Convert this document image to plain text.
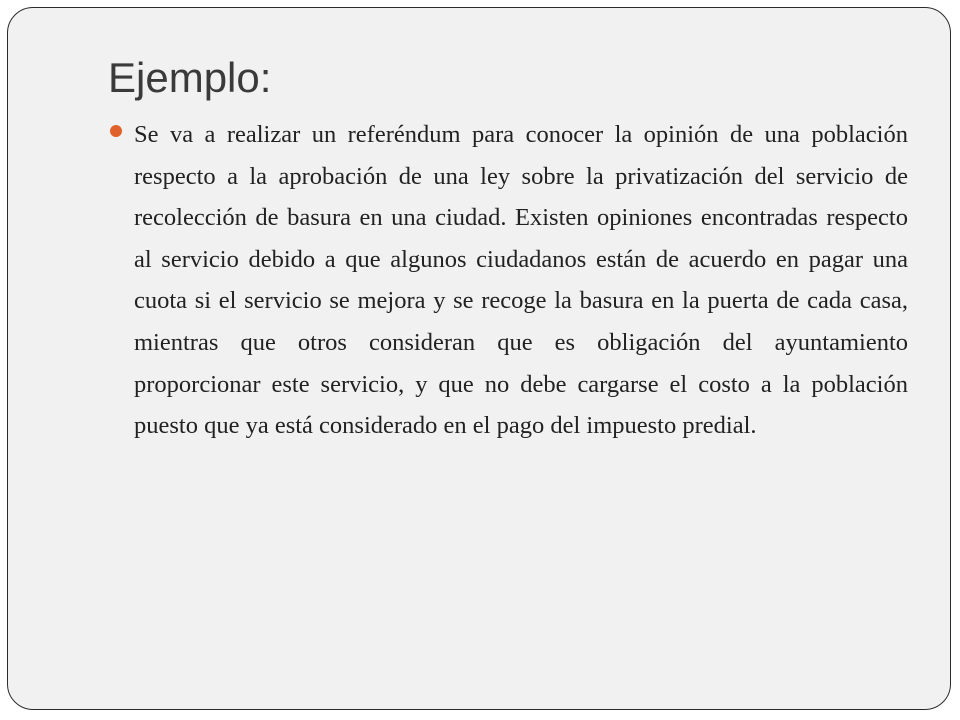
Ejemplo:
Se va a realizar un referéndum para conocer la opinión de una población respecto a la aprobación de una ley sobre la privatización del servicio de recolección de basura en una ciudad. Existen opiniones encontradas respecto al servicio debido a que algunos ciudadanos están de acuerdo en pagar una cuota si el servicio se mejora y se recoge la basura en la puerta de cada casa, mientras que otros consideran que es obligación del ayuntamiento proporcionar este servicio, y que no debe cargarse el costo a la población puesto que ya está considerado en el pago del impuesto predial.
